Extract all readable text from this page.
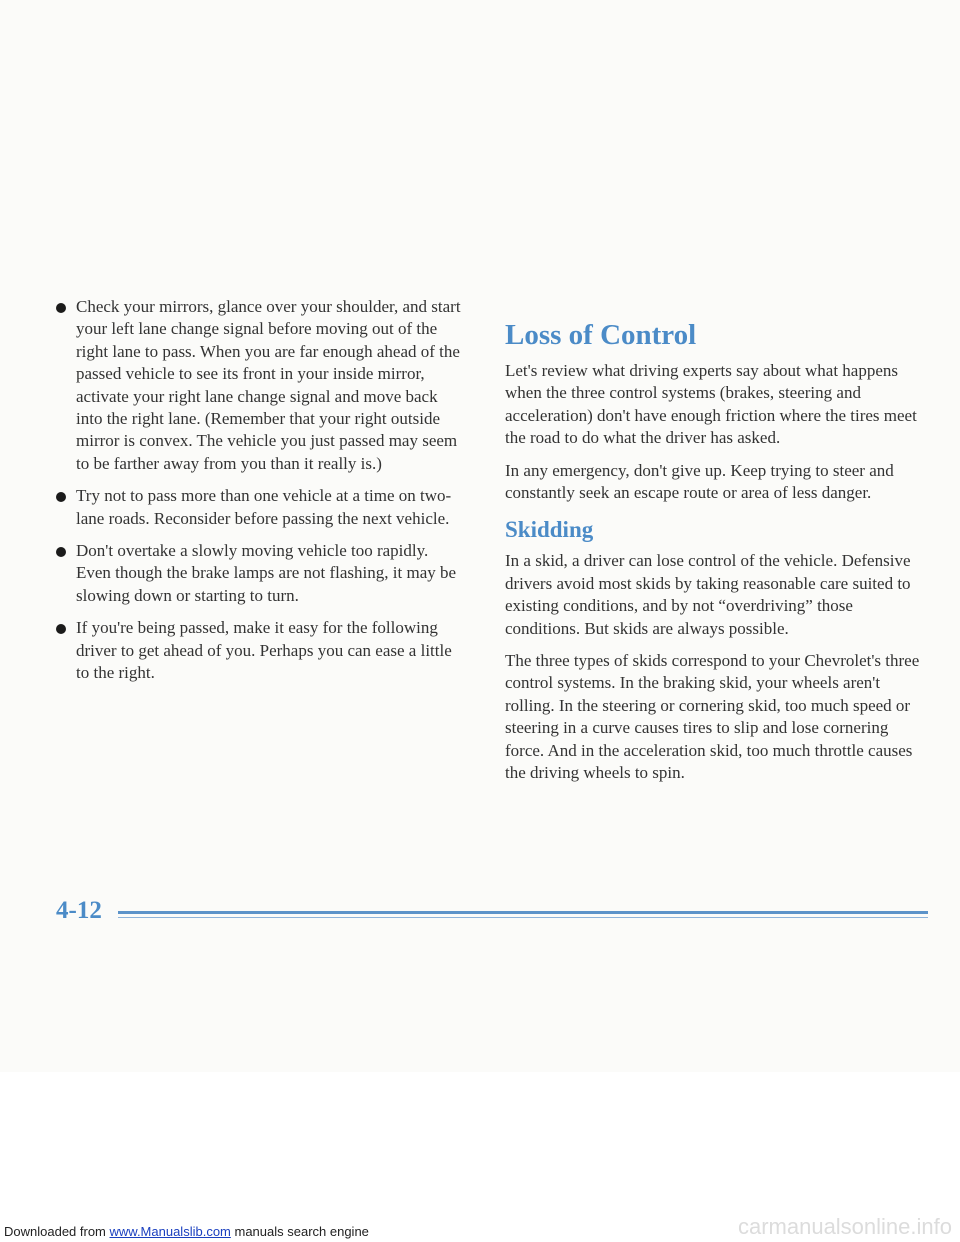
Check your mirrors, glance over your shoulder, and start your left lane change signal before moving out of the right lane to pass. When you are far enough ahead of the passed vehicle to see its front in your inside mirror, activate your right lane change signal and move back into the right lane. (Remember that your right outside mirror is convex. The vehicle you just passed may seem to be farther away from you than it really is.)
Try not to pass more than one vehicle at a time on two-lane roads. Reconsider before passing the next vehicle.
Don't overtake a slowly moving vehicle too rapidly. Even though the brake lamps are not flashing, it may be slowing down or starting to turn.
If you're being passed, make it easy for the following driver to get ahead of you. Perhaps you can ease a little to the right.
Loss of Control

Let's review what driving experts say about what happens when the three control systems (brakes, steering and acceleration) don't have enough friction where the tires meet the road to do what the driver has asked.

In any emergency, don't give up. Keep trying to steer and constantly seek an escape route or area of less danger.

Skidding

In a skid, a driver can lose control of the vehicle. Defensive drivers avoid most skids by taking reasonable care suited to existing conditions, and by not “overdriving” those conditions. But skids are always possible.

The three types of skids correspond to your Chevrolet's three control systems. In the braking skid, your wheels aren't rolling. In the steering or cornering skid, too much speed or steering in a curve causes tires to slip and lose cornering force. And in the acceleration skid, too much throttle causes the driving wheels to spin.

4-12
Downloaded from www.Manualslib.com manuals search engine	carmanualsonline.info
